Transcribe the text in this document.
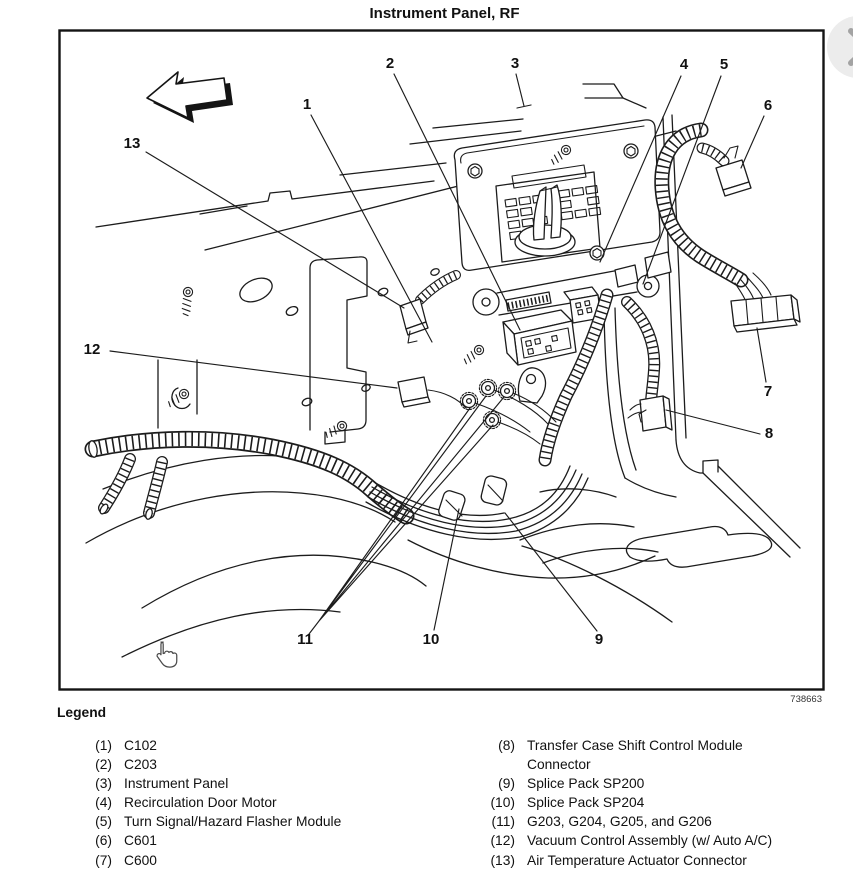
Instrument Panel, RF
1
2	3	4 5
6
7
8
9
10
11
12
13
738663
Legend
(1) C102
(2) C203
(3) Instrument Panel
(4) Recirculation Door Motor
(5) Turn Signal/Hazard Flasher Module
(6) C601
(7) C600
(8) Transfer Case Shift Control Module Connector
(9) Splice Pack SP200
(10) Splice Pack SP204
(11) G203, G204, G205, and G206
(12) Vacuum Control Assembly (w/ Auto A/C)
(13) Air Temperature Actuator Connector
